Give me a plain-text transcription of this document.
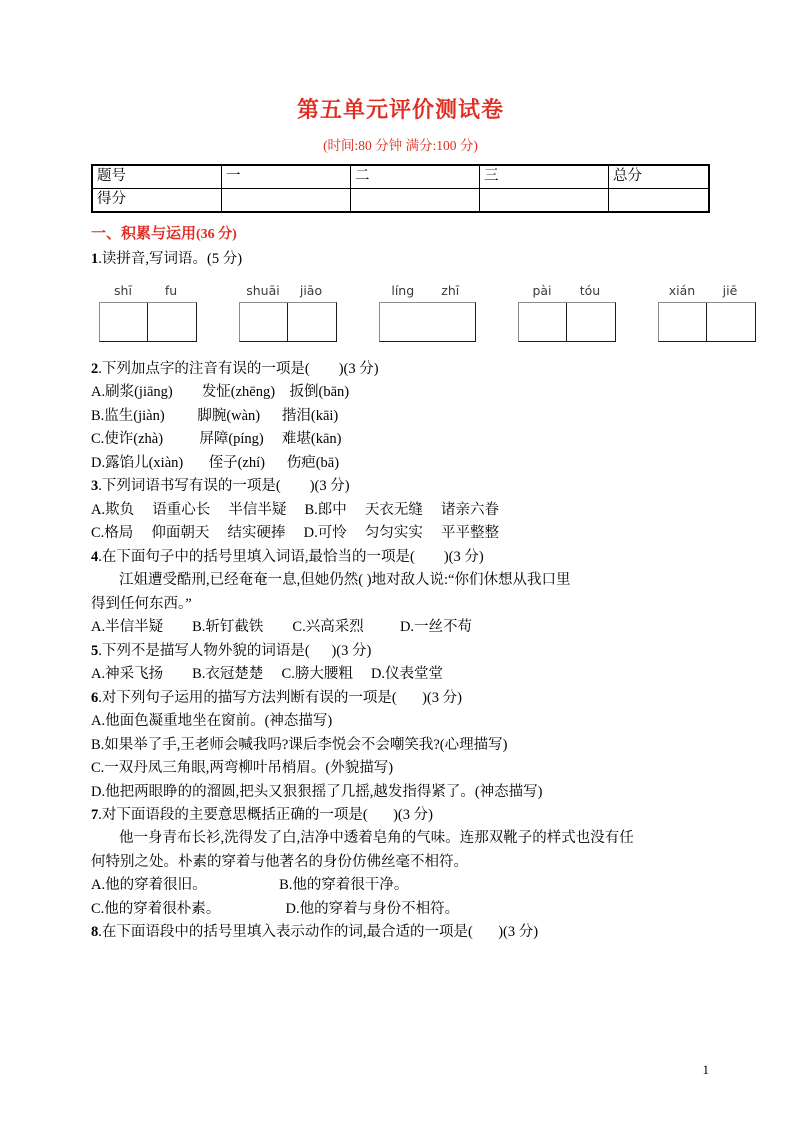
第五单元评价测试卷
(时间:80 分钟 满分:100 分)
题号	一	二	三	总分
得分				
一、积累与运用(36 分)

1.读拼音,写词语。(5 分)

shī	fu	shuāi	jiāo	líng	zhī	pài	tóu	xián	jiē

2.下列加点字的注音有误的一项是(        )(3 分)

A.刷浆(jiāng)        发怔(zhēng)    扳倒(bān)

B.监生(jiàn)         脚腕(wàn)      揩泪(kāi)

C.使诈(zhà)          屏障(píng)     难堪(kān)

D.露馅儿(xiàn)       侄子(zhí)      伤疤(bā)

3.下列词语书写有误的一项是(        )(3 分)

A.欺负     语重心长     半信半疑     B.郎中     天衣无缝     诸亲六眷

C.格局     仰面朝天     结实硬捧     D.可怜     匀匀实实     平平整整

4.在下面句子中的括号里填入词语,最恰当的一项是(        )(3 分)

江姐遭受酷刑,已经奄奄一息,但她仍然( )地对敌人说:“你们休想从我口里

得到任何东西。”

A.半信半疑        B.斩钉截铁        C.兴高采烈          D.一丝不苟

5.下列不是描写人物外貌的词语是(      )(3 分)

A.神采飞扬        B.衣冠楚楚     C.膀大腰粗     D.仪表堂堂

6.对下列句子运用的描写方法判断有误的一项是(       )(3 分)

A.他面色凝重地坐在窗前。(神态描写)

B.如果举了手,王老师会喊我吗?课后李悦会不会嘲笑我?(心理描写)

C.一双丹凤三角眼,两弯柳叶吊梢眉。(外貌描写)

D.他把两眼睁的的溜圆,把头又狠狠摇了几摇,越发指得紧了。(神态描写)

7.对下面语段的主要意思概括正确的一项是(       )(3 分)

他一身青布长衫,洗得发了白,洁净中透着皂角的气味。连那双靴子的样式也没有任

何特别之处。朴素的穿着与他著名的身份仿佛丝毫不相符。

A.他的穿着很旧。                    B.他的穿着很干净。

C.他的穿着很朴素。                  D.他的穿着与身份不相符。

8.在下面语段中的括号里填入表示动作的词,最合适的一项是(       )(3 分)

1
